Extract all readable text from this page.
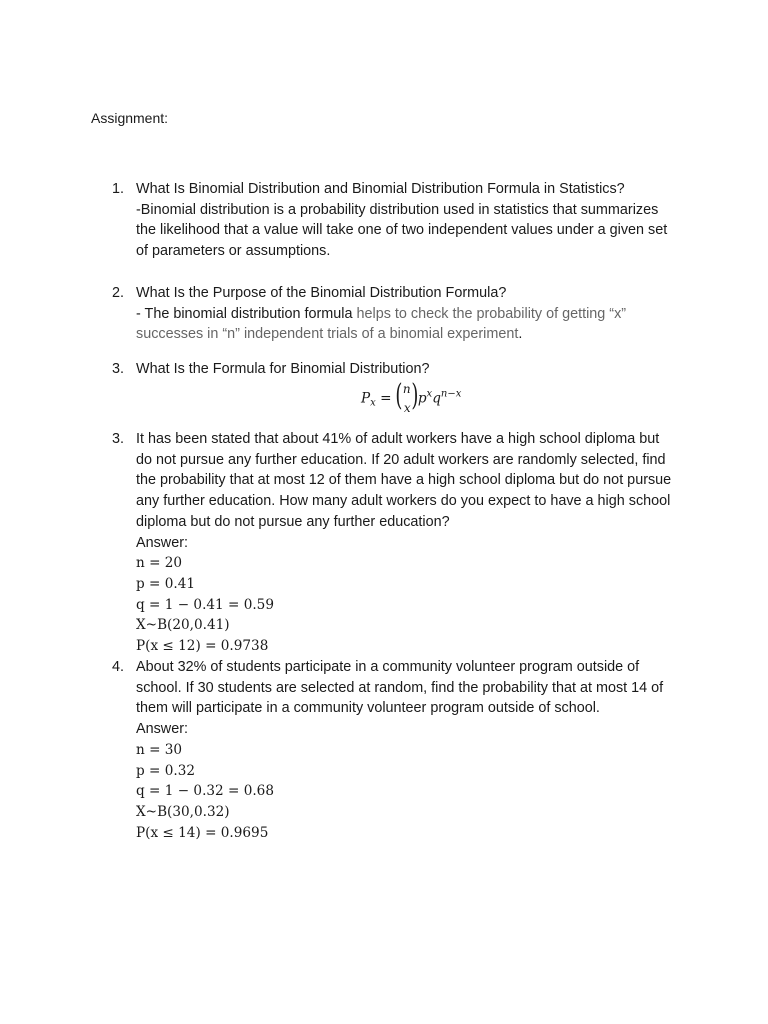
Assignment:
1. What Is Binomial Distribution and Binomial Distribution Formula in Statistics?
-Binomial distribution is a probability distribution used in statistics that summarizes the likelihood that a value will take one of two independent values under a given set of parameters or assumptions.
2. What Is the Purpose of the Binomial Distribution Formula?
- The binomial distribution formula helps to check the probability of getting “x” successes in “n” independent trials of a binomial experiment.
3. What Is the Formula for Binomial Distribution?
$P_x$ = ( n
x ) $p^xq^{n-x}$
3. It has been stated that about 41% of adult workers have a high school diploma but do not pursue any further education. If 20 adult workers are randomly selected, find the probability that at most 12 of them have a high school diploma but do not pursue any further education. How many adult workers do you expect to have a high school diploma but do not pursue any further education?
Answer:
n = 20
p = 0.41
q = 1 − 0.41 = 0.59
X~B(20,0.41)
P(x ≤ 12) = 0.9738
4. About 32% of students participate in a community volunteer program outside of school. If 30 students are selected at random, find the probability that at most 14 of them will participate in a community volunteer program outside of school.
Answer:
n = 30
p = 0.32
q = 1 − 0.32 = 0.68
X~B(30,0.32)
P(x ≤ 14) = 0.9695
